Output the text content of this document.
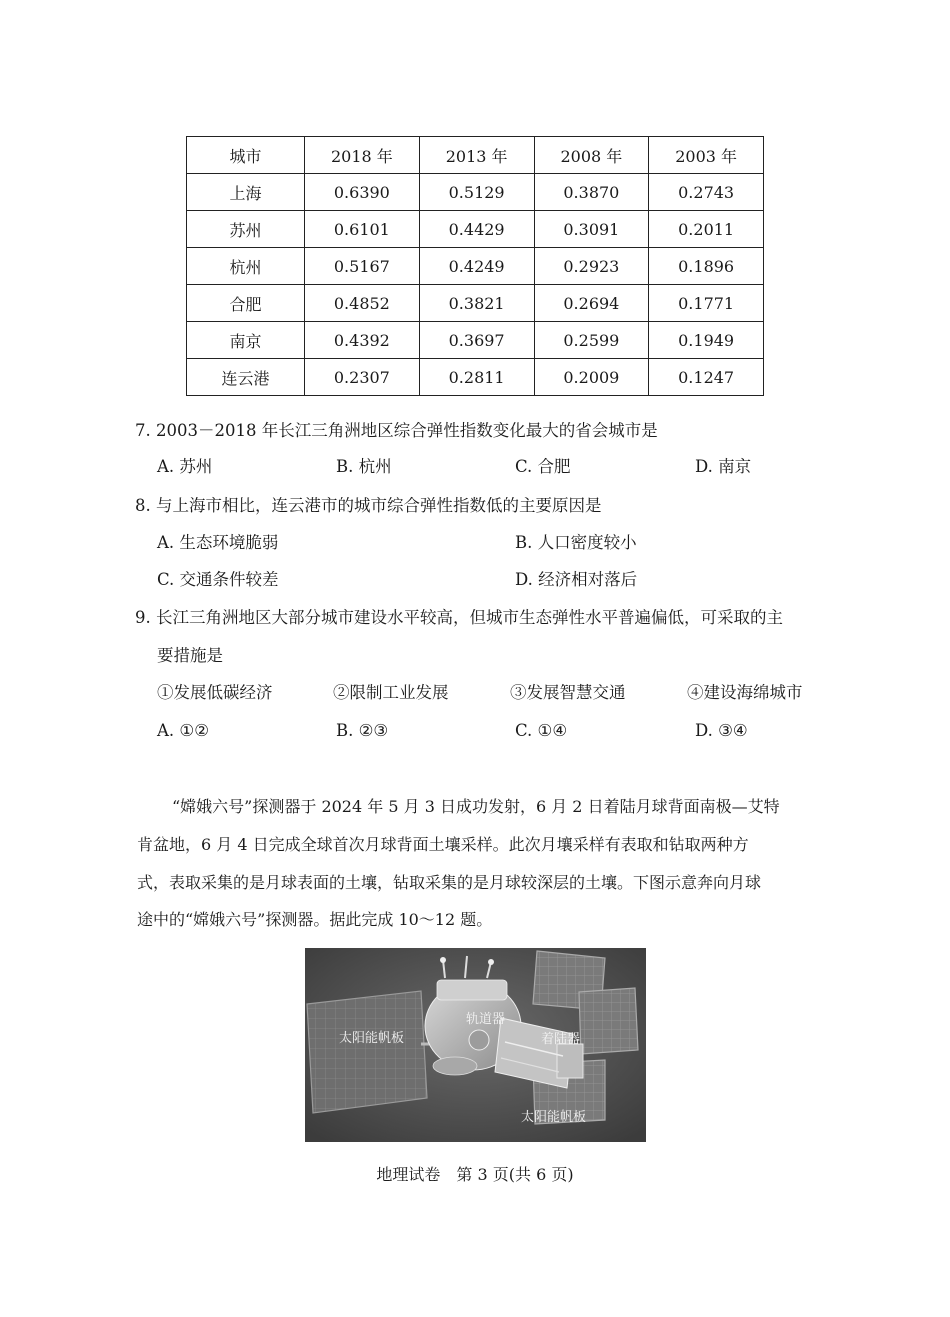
城市	2018 年	2013 年	2008 年	2003 年
上海	0.6390	0.5129	0.3870	0.2743
苏州	0.6101	0.4429	0.3091	0.2011
杭州	0.5167	0.4249	0.2923	0.1896
合肥	0.4852	0.3821	0.2694	0.1771
南京	0.4392	0.3697	0.2599	0.1949
连云港	0.2307	0.2811	0.2009	0.1247
7. 2003－2018 年长江三角洲地区综合弹性指数变化最大的省会城市是
A. 苏州	B. 杭州	C. 合肥	D. 南京
8. 与上海市相比，连云港市的城市综合弹性指数低的主要原因是
A. 生态环境脆弱	B. 人口密度较小
C. 交通条件较差	D. 经济相对落后
9. 长江三角洲地区大部分城市建设水平较高，但城市生态弹性水平普遍偏低，可采取的主
要措施是
①发展低碳经济	②限制工业发展	③发展智慧交通	④建设海绵城市
A. ①②	B. ②③	C. ①④	D. ③④
“嫦娥六号”探测器于 2024 年 5 月 3 日成功发射，6 月 2 日着陆月球背面南极—艾特
肯盆地，6 月 4 日完成全球首次月球背面土壤采样。此次月壤采样有表取和钻取两种方
式，表取采集的是月球表面的土壤，钻取采集的是月球较深层的土壤。下图示意奔向月球
途中的“嫦娥六号”探测器。据此完成 10～12 题。
太阳能帆板
轨道器
着陆器
太阳能帆板
地理试卷　第 3 页(共 6 页)
